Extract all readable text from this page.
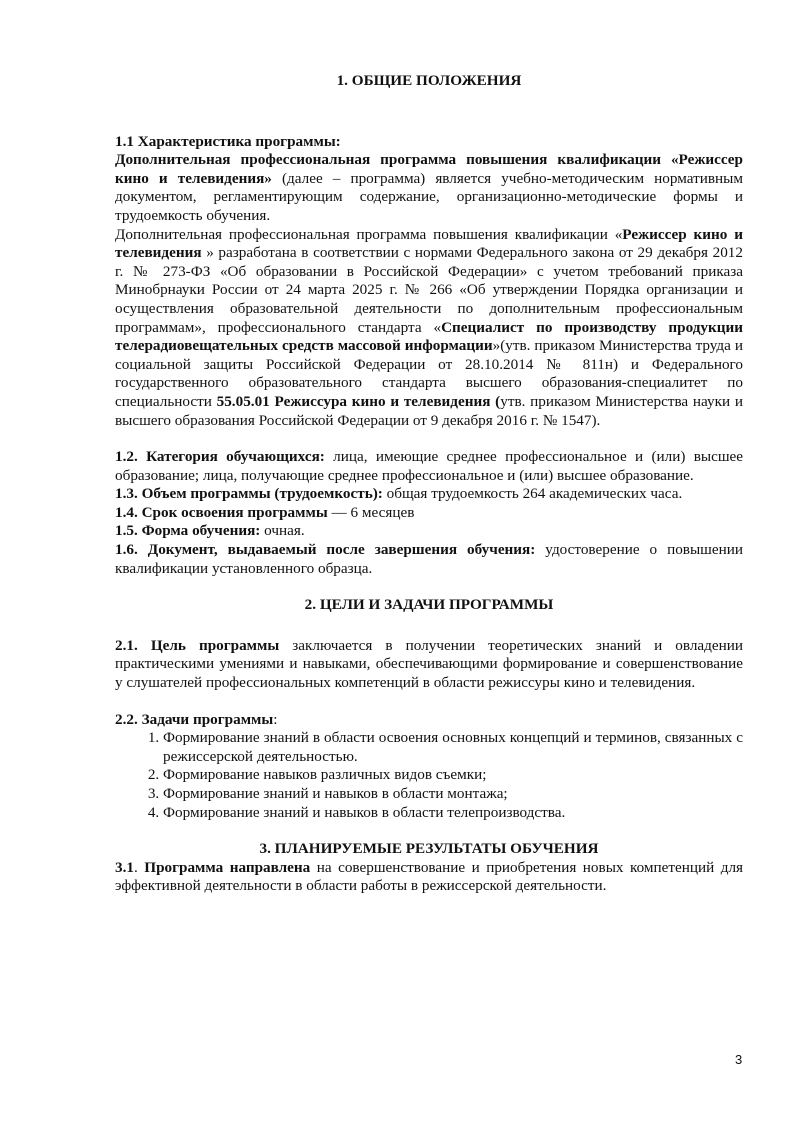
1. ОБЩИЕ ПОЛОЖЕНИЯ

1.1 Характеристика программы:
Дополнительная профессиональная программа повышения квалификации «Режиссер кино и телевидения» (далее – программа) является учебно-методическим нормативным документом, регламентирующим содержание, организационно-методические формы и трудоемкость обучения.

Дополнительная профессиональная программа повышения квалификации «Режиссер кино и телевидения » разработана в соответствии с нормами Федерального закона от 29 декабря 2012 г. № 273-ФЗ «Об образовании в Российской Федерации» с учетом требований приказа Минобрнауки России от 24 марта 2025 г. № 266 «Об утверждении Порядка организации и осуществления образовательной деятельности по дополнительным профессиональным программам», профессионального стандарта «Специалист по производству продукции телерадиовещательных средств массовой информации»(утв. приказом Министерства труда и социальной защиты Российской Федерации от 28.10.2014 № 811н) и Федерального государственного образовательного стандарта высшего образования-специалитет по специальности 55.05.01 Режиссура кино и телевидения (утв. приказом Министерства науки и высшего образования Российской Федерации от 9 декабря 2016 г. № 1547).

1.2. Категория обучающихся: лица, имеющие среднее профессиональное и (или) высшее образование; лица, получающие среднее профессиональное и (или) высшее образование.

1.3. Объем программы (трудоемкость): общая трудоемкость 264 академических часа.

1.4. Срок освоения программы — 6 месяцев

1.5. Форма обучения: очная.

1.6. Документ, выдаваемый после завершения обучения: удостоверение о повышении квалификации установленного образца.

2. ЦЕЛИ И ЗАДАЧИ ПРОГРАММЫ

2.1. Цель программы заключается в получении теоретических знаний и овладении практическими умениями и навыками, обеспечивающими формирование и совершенствование у слушателей профессиональных компетенций в области режиссуры кино и телевидения.

2.2. Задачи программы:

1. Формирование знаний в области освоения основных концепций и терминов, связанных с режиссерской деятельностью.
2. Формирование навыков различных видов съемки;
3. Формирование знаний и навыков в области монтажа;
4. Формирование знаний и навыков в области телепроизводства.
3. ПЛАНИРУЕМЫЕ РЕЗУЛЬТАТЫ ОБУЧЕНИЯ

3.1. Программа направлена на совершенствование и приобретения новых компетенций для эффективной деятельности в области работы в режиссерской деятельности.

3
